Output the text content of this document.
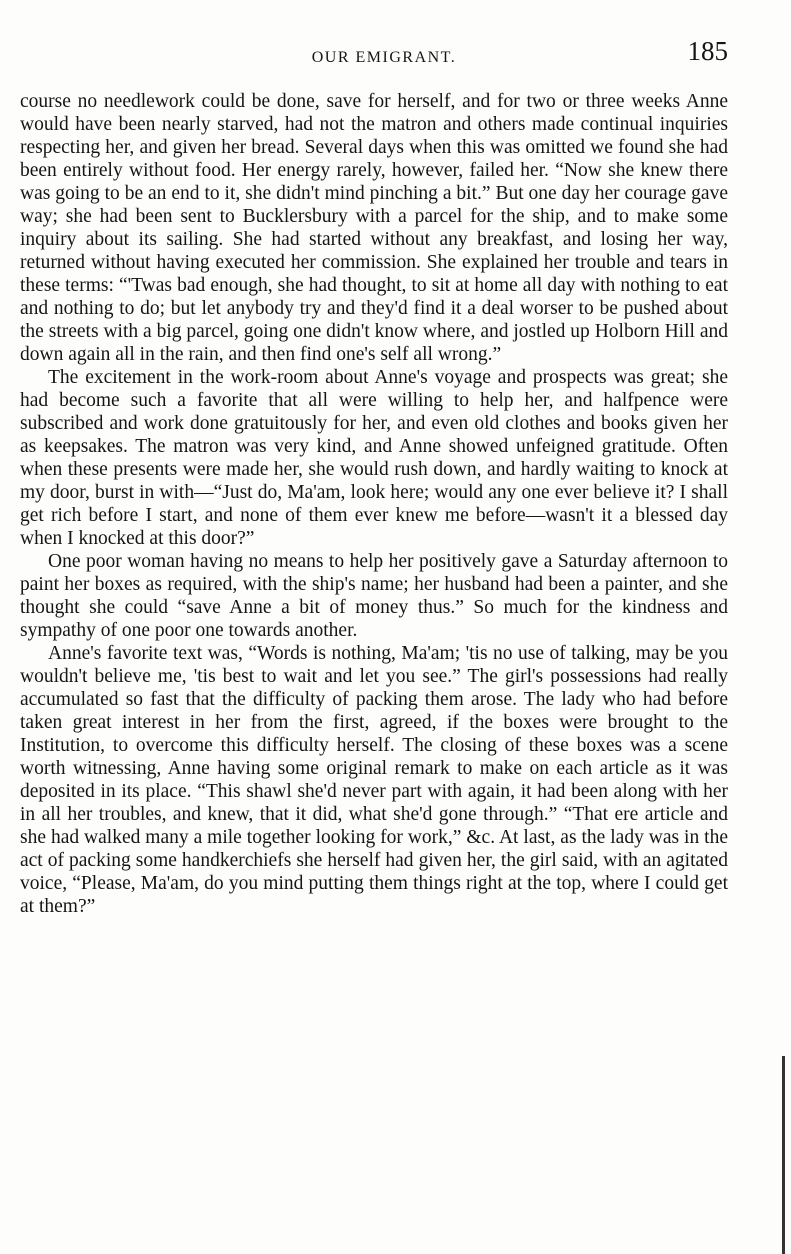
OUR EMIGRANT.	185

course no needlework could be done, save for herself, and for two or three weeks Anne would have been nearly starved, had not the matron and others made continual inquiries respecting her, and given her bread. Several days when this was omitted we found she had been entirely without food. Her energy rarely, however, failed her. “Now she knew there was going to be an end to it, she didn't mind pinching a bit.” But one day her courage gave way; she had been sent to Bucklersbury with a parcel for the ship, and to make some inquiry about its sailing. She had started without any breakfast, and losing her way, returned without having executed her commission. She explained her trouble and tears in these terms: “'Twas bad enough, she had thought, to sit at home all day with nothing to eat and nothing to do; but let anybody try and they'd find it a deal worser to be pushed about the streets with a big parcel, going one didn't know where, and jostled up Holborn Hill and down again all in the rain, and then find one's self all wrong.”

The excitement in the work-room about Anne's voyage and prospects was great; she had become such a favorite that all were willing to help her, and halfpence were subscribed and work done gratuitously for her, and even old clothes and books given her as keepsakes. The matron was very kind, and Anne showed unfeigned gratitude. Often when these presents were made her, she would rush down, and hardly waiting to knock at my door, burst in with—“Just do, Ma'am, look here; would any one ever believe it? I shall get rich before I start, and none of them ever knew me before—wasn't it a blessed day when I knocked at this door?”

One poor woman having no means to help her positively gave a Saturday afternoon to paint her boxes as required, with the ship's name; her husband had been a painter, and she thought she could “save Anne a bit of money thus.” So much for the kindness and sympathy of one poor one towards another.

Anne's favorite text was, “Words is nothing, Ma'am; 'tis no use of talking, may be you wouldn't believe me, 'tis best to wait and let you see.” The girl's possessions had really accumulated so fast that the difficulty of packing them arose. The lady who had before taken great interest in her from the first, agreed, if the boxes were brought to the Institution, to overcome this difficulty herself. The closing of these boxes was a scene worth witnessing, Anne having some original remark to make on each article as it was deposited in its place. “This shawl she'd never part with again, it had been along with her in all her troubles, and knew, that it did, what she'd gone through.” “That ere article and she had walked many a mile together looking for work,” &c. At last, as the lady was in the act of packing some handkerchiefs she herself had given her, the girl said, with an agitated voice, “Please, Ma'am, do you mind putting them things right at the top, where I could get at them?”
